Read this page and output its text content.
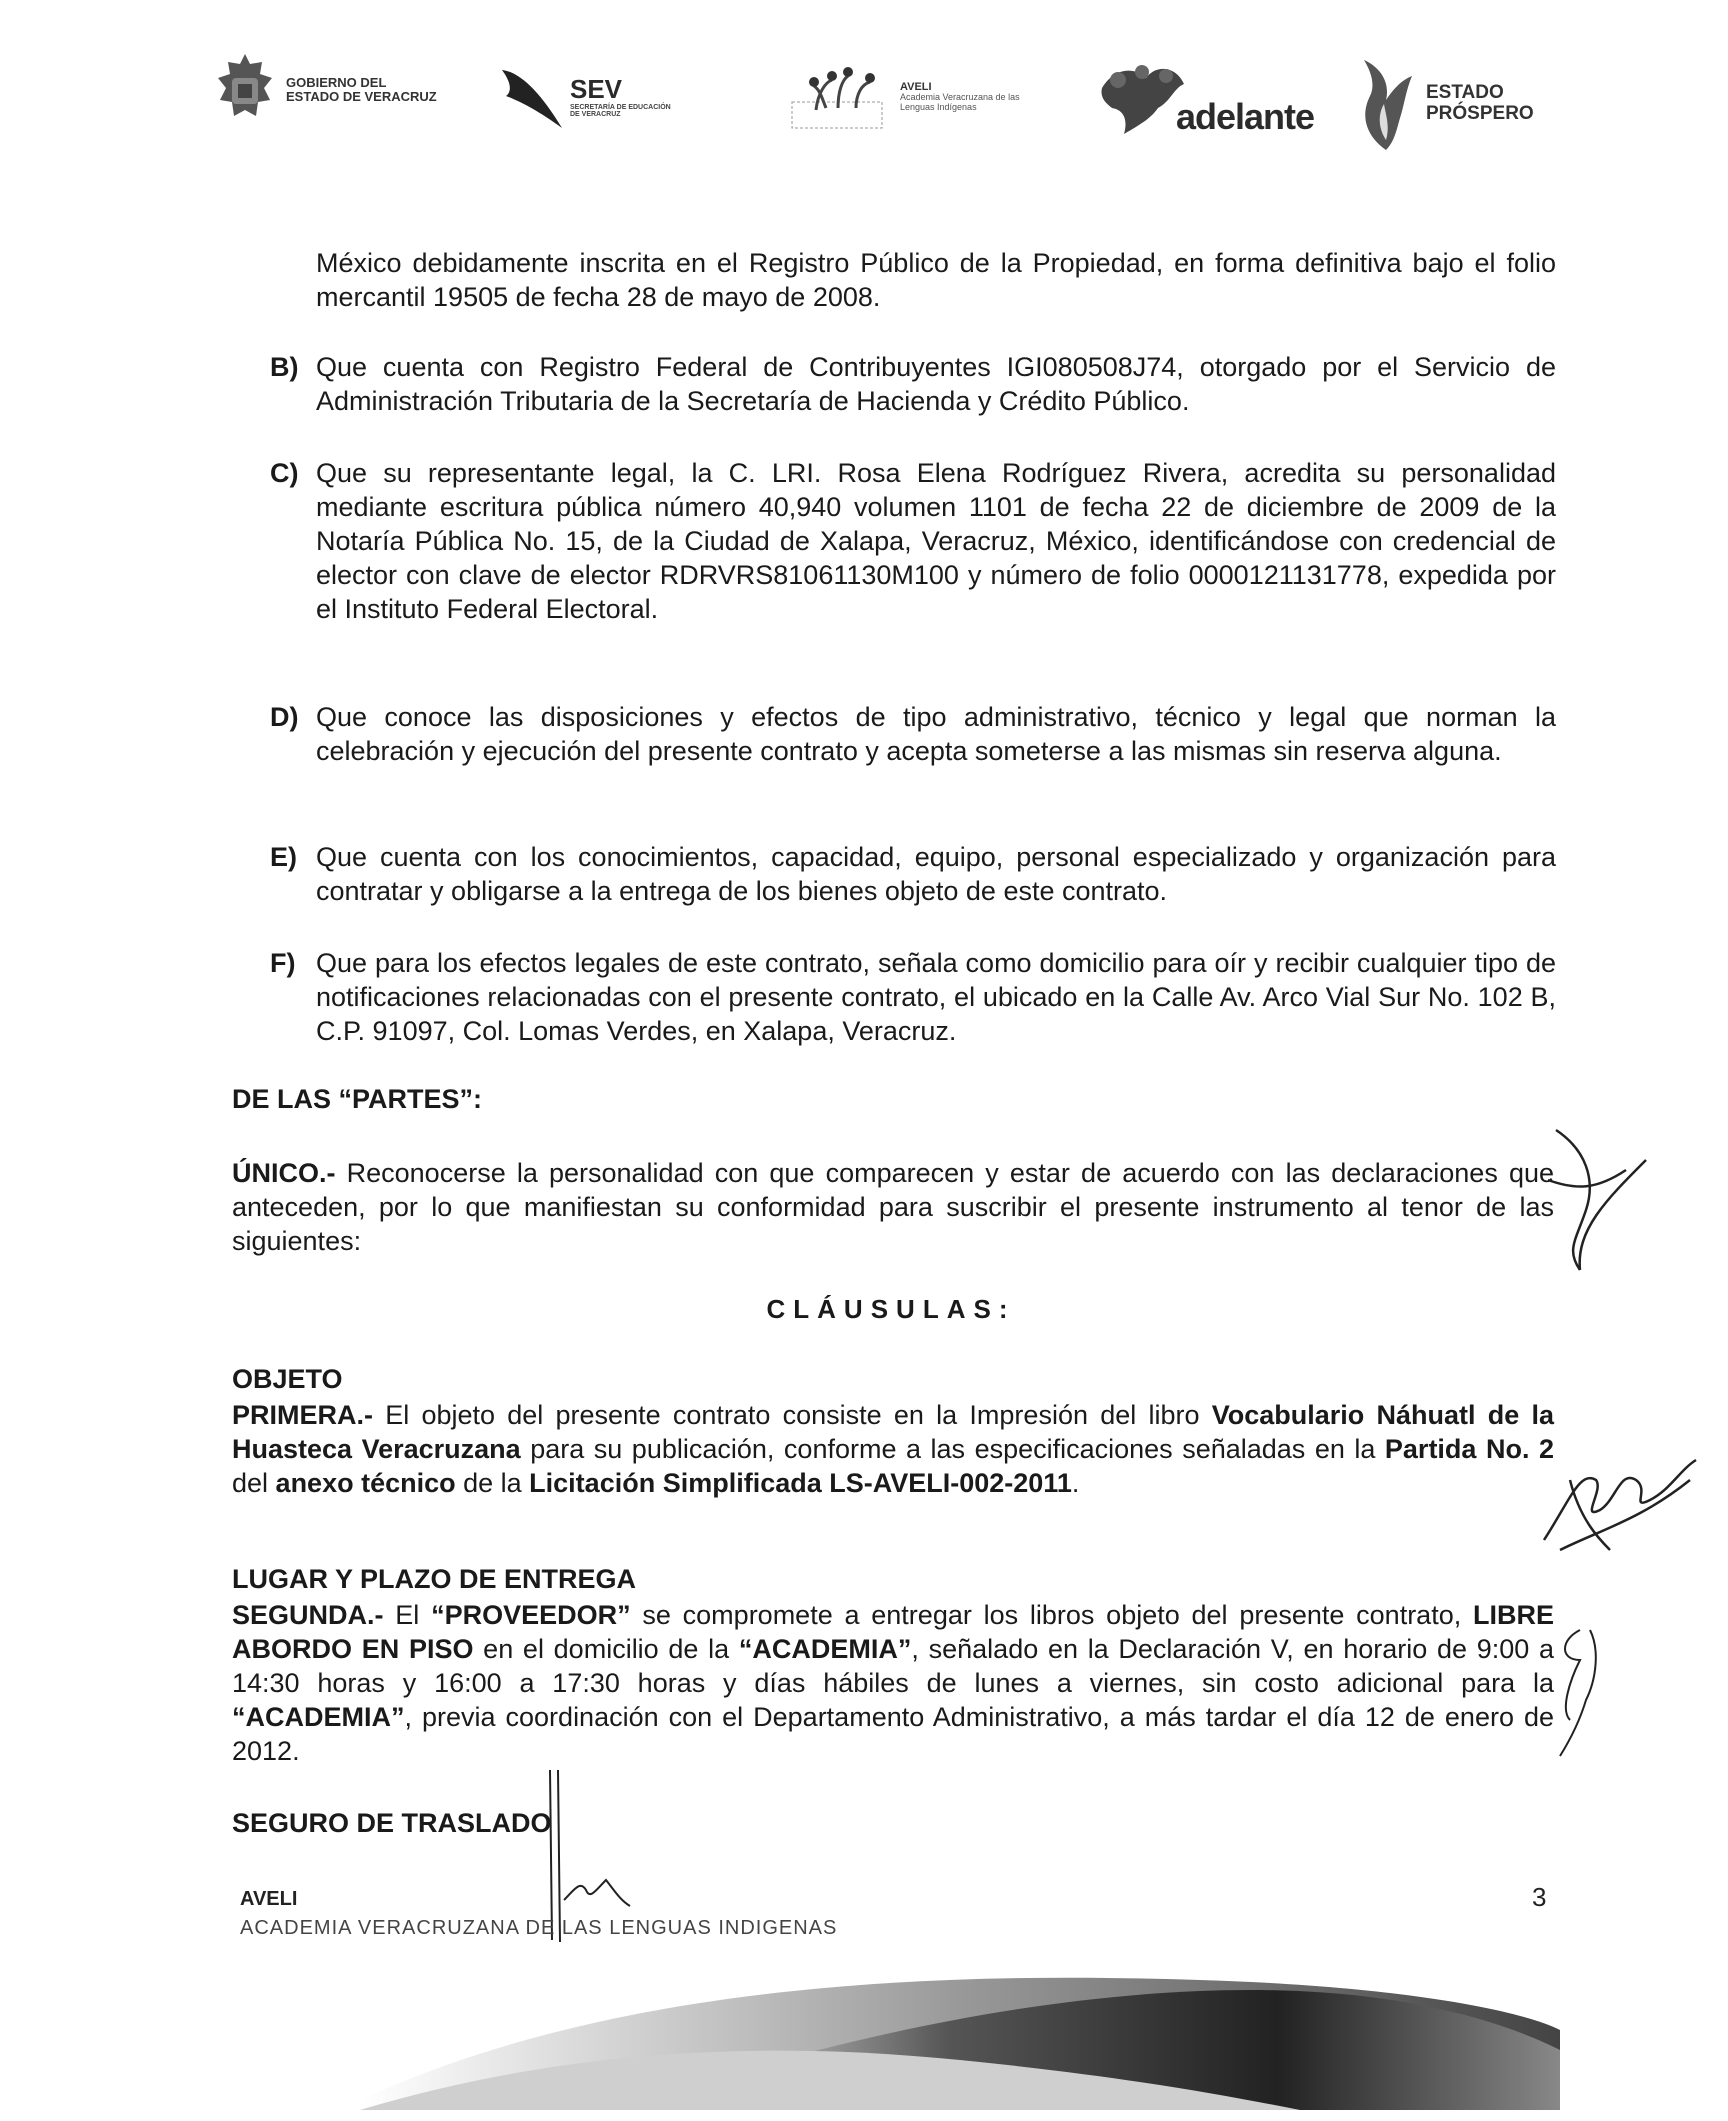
GOBIERNO DEL
ESTADO DE VERACRUZ	SEV
SECRETARÍA DE EDUCACIÓN
DE VERACRUZ
AVELI
Academia Veracruzana de las
Lenguas Indígenas	adelante
ESTADO
PRÓSPERO
México debidamente inscrita en el Registro Público de la Propiedad, en forma definitiva bajo el folio mercantil 19505 de fecha 28 de mayo de 2008.
B) Que cuenta con Registro Federal de Contribuyentes IGI080508J74, otorgado por el Servicio de Administración Tributaria de la Secretaría de Hacienda y Crédito Público.
C) Que su representante legal, la C. LRI. Rosa Elena Rodríguez Rivera, acredita su personalidad mediante escritura pública número 40,940 volumen 1101 de fecha 22 de diciembre de 2009 de la Notaría Pública No. 15, de la Ciudad de Xalapa, Veracruz, México, identificándose con credencial de elector con clave de elector RDRVRS81061130M100 y número de folio 0000121131778, expedida por el Instituto Federal Electoral.
D) Que conoce las disposiciones y efectos de tipo administrativo, técnico y legal que norman la celebración y ejecución del presente contrato y acepta someterse a las mismas sin reserva alguna.
E) Que cuenta con los conocimientos, capacidad, equipo, personal especializado y organización para contratar y obligarse a la entrega de los bienes objeto de este contrato.
F) Que para los efectos legales de este contrato, señala como domicilio para oír y recibir cualquier tipo de notificaciones relacionadas con el presente contrato, el ubicado en la Calle Av. Arco Vial Sur No. 102 B, C.P. 91097, Col. Lomas Verdes, en Xalapa, Veracruz.
DE LAS “PARTES”:
ÚNICO.- Reconocerse la personalidad con que comparecen y estar de acuerdo con las declaraciones que anteceden, por lo que manifiestan su conformidad para suscribir el presente instrumento al tenor de las siguientes:
CLÁUSULAS:
OBJETO
PRIMERA.- El objeto del presente contrato consiste en la Impresión del libro Vocabulario Náhuatl de la Huasteca Veracruzana para su publicación, conforme a las especificaciones señaladas en la Partida No. 2 del anexo técnico de la Licitación Simplificada LS-AVELI-002-2011.
LUGAR Y PLAZO DE ENTREGA
SEGUNDA.- El “PROVEEDOR” se compromete a entregar los libros objeto del presente contrato, LIBRE ABORDO EN PISO en el domicilio de la “ACADEMIA”, señalado en la Declaración V, en horario de 9:00 a 14:30 horas y 16:00 a 17:30 horas y días hábiles de lunes a viernes, sin costo adicional para la “ACADEMIA”, previa coordinación con el Departamento Administrativo, a más tardar el día 12 de enero de 2012.
SEGURO DE TRASLADO
AVELI
ACADEMIA VERACRUZANA DE LAS LENGUAS INDIGENAS
3
